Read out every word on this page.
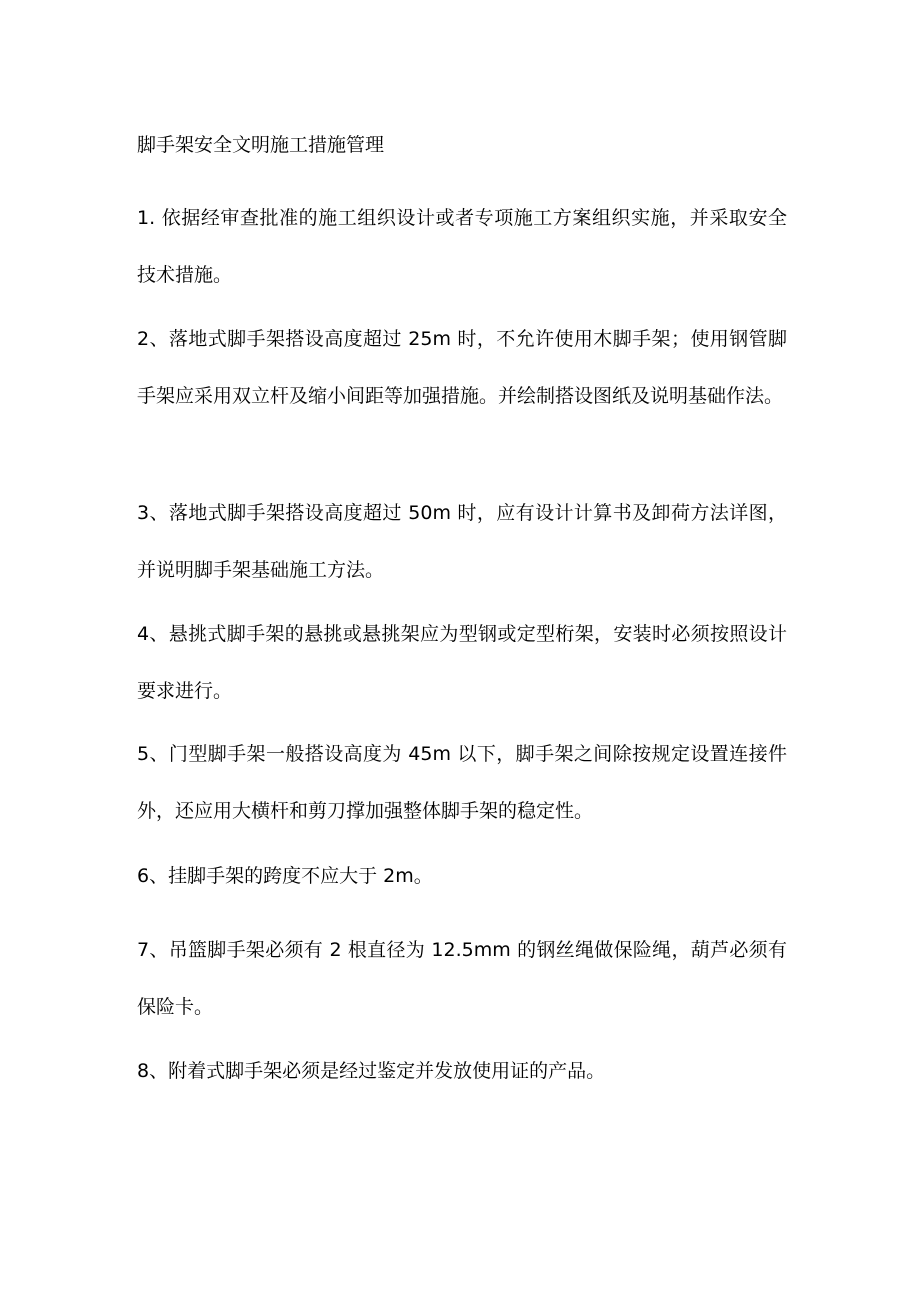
脚手架安全文明施工措施管理
1. 依据经审查批准的施工组织设计或者专项施工方案组织实施，并采取安全技术措施。
2、落地式脚手架搭设高度超过 25m 时，不允许使用木脚手架；使用钢管脚手架应采用双立杆及缩小间距等加强措施。并绘制搭设图纸及说明基础作法。
3、落地式脚手架搭设高度超过 50m 时，应有设计计算书及卸荷方法详图，并说明脚手架基础施工方法。
4、悬挑式脚手架的悬挑或悬挑架应为型钢或定型桁架，安装时必须按照设计要求进行。
5、门型脚手架一般搭设高度为 45m 以下，脚手架之间除按规定设置连接件外，还应用大横杆和剪刀撑加强整体脚手架的稳定性。
6、挂脚手架的跨度不应大于 2m。
7、吊篮脚手架必须有 2 根直径为 12.5mm 的钢丝绳做保险绳，葫芦必须有保险卡。
8、附着式脚手架必须是经过鉴定并发放使用证的产品。
